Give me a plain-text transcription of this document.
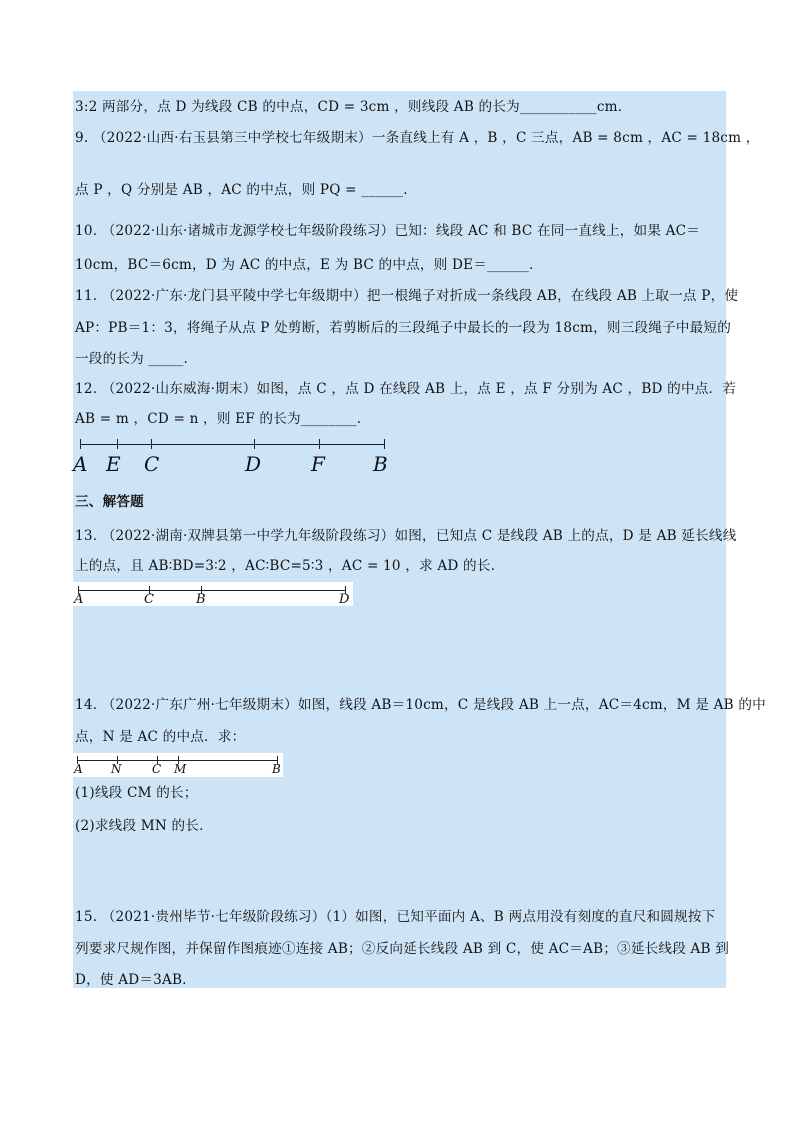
3:2 两部分，点 D 为线段 CB 的中点，CD = 3cm ，则线段 AB 的长为___________cm.
9. （2022·山西·右玉县第三中学校七年级期末）一条直线上有 A ，B ，C 三点，AB = 8cm ，AC = 18cm ，
点 P ，Q 分别是 AB ，AC 的中点，则 PQ = ______.
10. （2022·山东·诸城市龙源学校七年级阶段练习）已知：线段 AC 和 BC 在同一直线上，如果 AC＝
10cm，BC＝6cm，D 为 AC 的中点，E 为 BC 的中点，则 DE＝______.
11. （2022·广东·龙门县平陵中学七年级期中）把一根绳子对折成一条线段 AB，在线段 AB 上取一点 P，使
AP：PB＝1：3，将绳子从点 P 处剪断，若剪断后的三段绳子中最长的一段为 18cm，则三段绳子中最短的
一段的长为 _____.
12. （2022·山东威海·期末）如图，点 C ，点 D 在线段 AB 上，点 E ，点 F 分别为 AC ，BD 的中点．若
AB = m ，CD = n ，则 EF 的长为________.
A E C	D F B
三、解答题
13. （2022·湖南·双牌县第一中学九年级阶段练习）如图，已知点 C 是线段 AB 上的点，D 是 AB 延长线线
上的点，且 AB∶BD=3∶2 ，AC∶BC=5∶3 ，AC = 10 ，求 AD 的长.
A	C	B	D
14. （2022·广东广州·七年级期末）如图，线段 AB＝10cm，C 是线段 AB 上一点，AC＝4cm，M 是 AB 的中
点，N 是 AC 的中点．求：
A N	C M	B
(1)线段 CM 的长；
(2)求线段 MN 的长.
15. （2021·贵州毕节·七年级阶段练习）（1）如图，已知平面内 A、B 两点用没有刻度的直尺和圆规按下
列要求尺规作图，并保留作图痕迹①连接 AB；②反向延长线段 AB 到 C，使 AC＝AB；③延长线段 AB 到
D，使 AD＝3AB.
